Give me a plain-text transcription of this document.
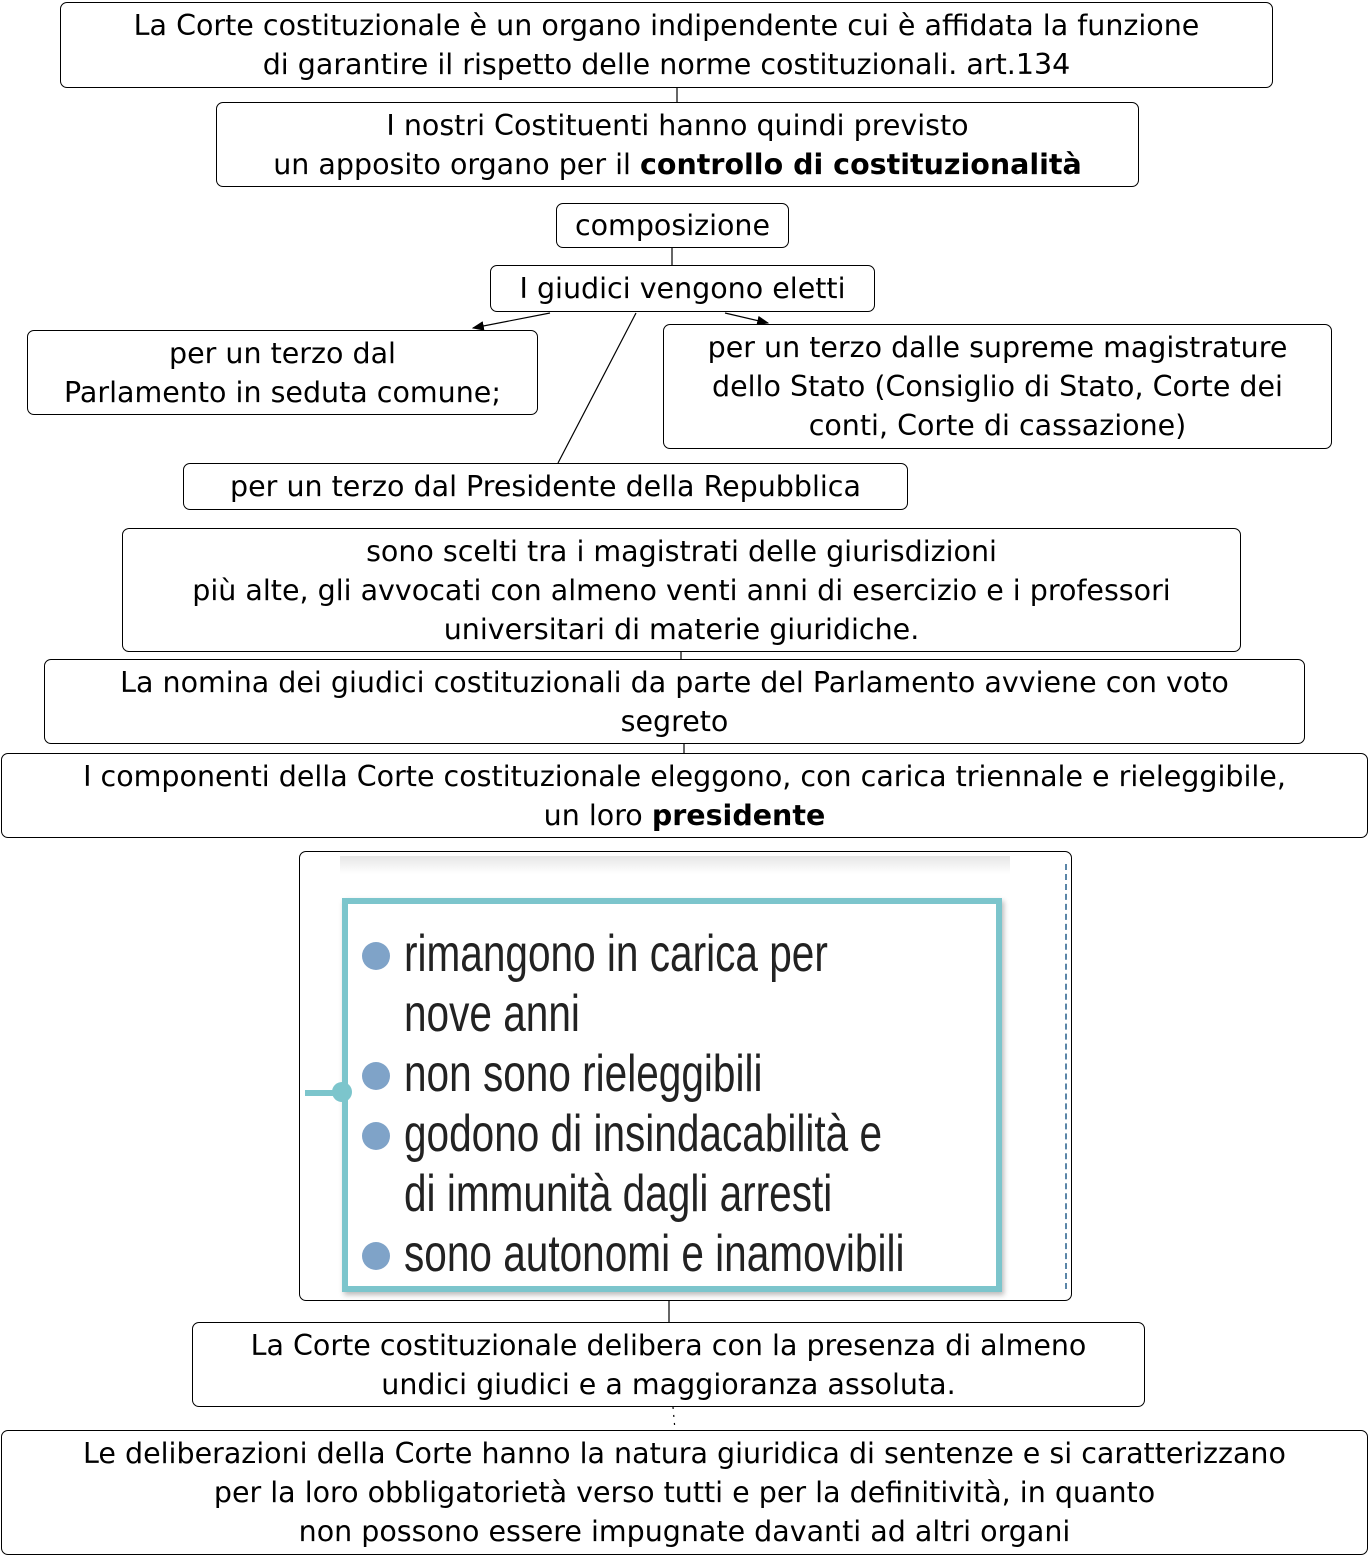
La Corte costituzionale è un organo indipendente cui è affidata la funzione
di garantire il rispetto delle norme costituzionali. art.134
I nostri Costituenti hanno quindi previsto
un apposito organo per il controllo di costituzionalità
composizione
I giudici vengono eletti
per un terzo dal
Parlamento in seduta comune;
per un terzo dalle supreme magistrature
dello Stato (Consiglio di Stato, Corte dei
conti, Corte di cassazione)
per un terzo dal Presidente della Repubblica
sono scelti tra i magistrati delle giurisdizioni
più alte, gli avvocati con almeno venti anni di esercizio e i professori
universitari di materie giuridiche.
La nomina dei giudici costituzionali da parte del Parlamento avviene con voto
segreto
I componenti della Corte costituzionale eleggono, con carica triennale e rieleggibile,
un loro presidente
rimangono in carica per
nove anni
non sono rieleggibili
godono di insindacabilità e
di immunità dagli arresti
sono autonomi e inamovibili
La Corte costituzionale delibera con la presenza di almeno
undici giudici e a maggioranza assoluta.
Le deliberazioni della Corte hanno la natura giuridica di sentenze e si caratterizzano
per la loro obbligatorietà verso tutti e per la definitività, in quanto
non possono essere impugnate davanti ad altri organi
